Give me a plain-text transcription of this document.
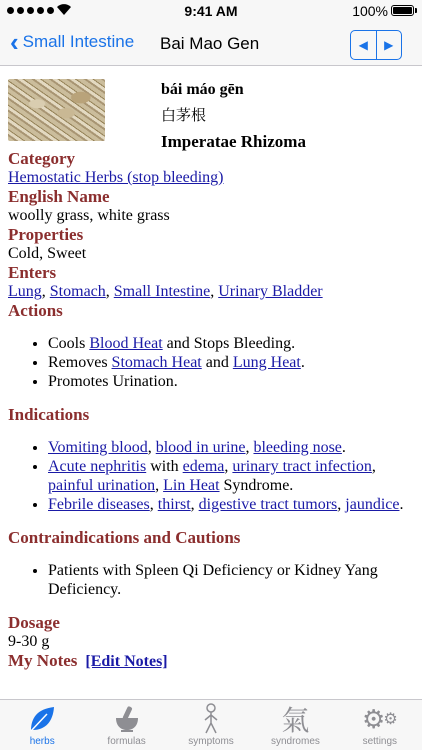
9:41 AM	100%
‹ Small Intestine Bai Mao Gen	◀ ▶
bái máo gēn
白茅根
Imperatae Rhizoma
Category
Hemostatic Herbs (stop bleeding)
English Name
woolly grass, white grass
Properties
Cold, Sweet
Enters
Lung, Stomach, Small Intestine, Urinary Bladder
Actions
• Cools Blood Heat and Stops Bleeding.
• Removes Stomach Heat and Lung Heat.
• Promotes Urination.
Indications
• Vomiting blood, blood in urine, bleeding nose.
• Acute nephritis with edema, urinary tract infection, painful urination, Lin Heat Syndrome.
• Febrile diseases, thirst, digestive tract tumors, jaundice.
Contraindications and Cautions
• Patients with Spleen Qi Deficiency or Kidney Yang Deficiency.
Dosage
9-30 g
My Notes [Edit Notes]
herbs	formulas	symptoms
氣
syndromes
⚙
⚙
settings
